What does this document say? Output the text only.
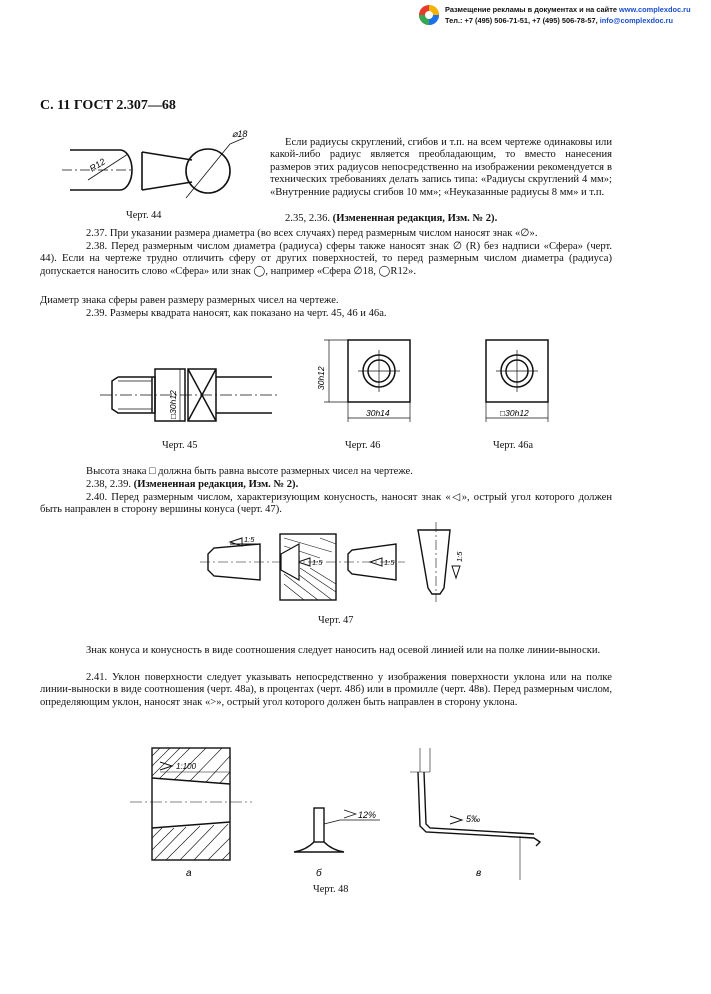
Размещение рекламы в документах и на сайте www.complexdoc.ru
Тел.: +7 (495) 506-71-51, +7 (495) 506-78-57, info@complexdoc.ru
С. 11 ГОСТ 2.307—68
R12
⌀18
Черт. 44

Если радиусы скруглений, сгибов и т.п. на всем чертеже одинаковы или какой-либо радиус является преобладающим, то вместо нанесения размеров этих радиусов непосредственно на изображении рекомендуется в технических требованиях делать запись типа: «Радиусы скруглений 4 мм»; «Внутренние радиусы сгибов 10 мм»; «Неуказанные радиусы 8 мм» и т.п.

2.35, 2.36. (Измененная редакция, Изм. № 2).

2.37. При указании размера диаметра (во всех случаях) перед размерным числом наносят знак «∅».

2.38. Перед размерным числом диаметра (радиуса) сферы также наносят знак ∅ (R) без надписи «Сфера» (черт. 44). Если на чертеже трудно отличить сферу от других поверхностей, то перед размерным числом диаметра (радиуса) допускается наносить слово «Сфера» или знак ◯, например «Сфера ∅18, ◯R12».

Диаметр знака сферы равен размеру размерных чисел на чертеже.

2.39. Размеры квадрата наносят, как показано на черт. 45, 46 и 46а.

□30h12
Черт. 45
30h12
30h14
Черт. 46
□30h12
Черт. 46а

Высота знака □ должна быть равна высоте размерных чисел на чертеже.

2.38, 2.39. (Измененная редакция, Изм. № 2).

2.40. Перед размерным числом, характеризующим конусность, наносят знак «◁», острый угол которого должен быть направлен в сторону вершины конуса (черт. 47).

1:5
1:5	1:5
1:5
Черт. 47

Знак конуса и конусность в виде соотношения следует наносить над осевой линией или на полке линии-выноски.

2.41. Уклон поверхности следует указывать непосредственно у изображения поверхности уклона или на полке линии-выноски в виде соотношения (черт. 48а), в процентах (черт. 48б) или в промилле (черт. 48в). Перед размерным числом, определяющим уклон, наносят знак «>», острый угол которого должен быть направлен в сторону уклона.

1:100
а
12%
б
5‰
в
Черт. 48
